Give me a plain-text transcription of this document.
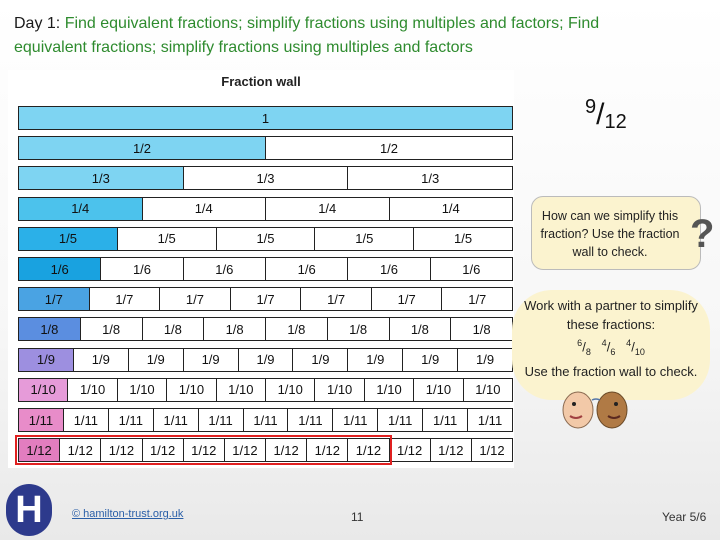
Day 1: Find equivalent fractions; simplify fractions using multiples and factors; Find
equivalent fractions; simplify fractions using multiples and factors
Fraction wall
1
1/2	1/2
1/3	1/3	1/3
1/4	1/4	1/4	1/4
1/5	1/5	1/5	1/5	1/5
1/6	1/6	1/6	1/6	1/6	1/6
1/7	1/7	1/7	1/7	1/7	1/7	1/7
1/8	1/8	1/8	1/8	1/8	1/8	1/8	1/8
1/9	1/9	1/9	1/9	1/9	1/9	1/9	1/9	1/9
1/10	1/10	1/10	1/10	1/10	1/10	1/10	1/10	1/10	1/10
1/11	1/11	1/11	1/11	1/11	1/11	1/11	1/11	1/11	1/11	1/11
1/12	1/12	1/12	1/12	1/12	1/12	1/12	1/12	1/12	1/12	1/12	1/12
$^9$/12
How can we simplify this fraction? Use the fraction wall to check.	?
Work with a partner to simplify these fractions:
$^6/_8$   $^4/_6$   $^4/_{10}$
Use the fraction wall to check.
H	© hamilton-trust.org.uk	11	Year 5/6
